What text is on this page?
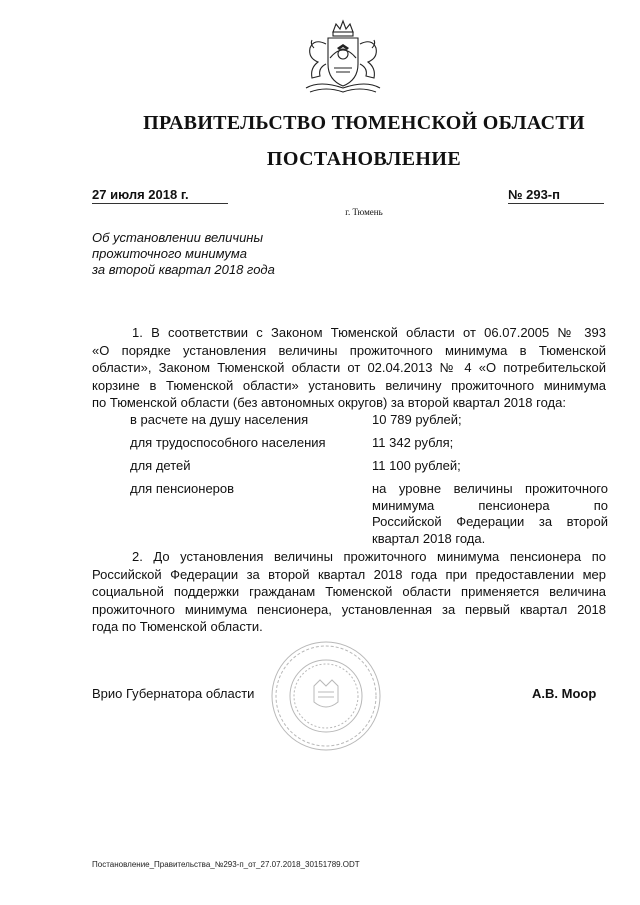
ПРАВИТЕЛЬСТВО ТЮМЕНСКОЙ ОБЛАСТИ
ПОСТАНОВЛЕНИЕ
27 июля 2018 г.	№ 293-п
г. Тюмень
Об установлении величины
прожиточного минимума
за второй квартал 2018 года
1. В соответствии с Законом Тюменской области от 06.07.2005 № 393
«О порядке установления величины прожиточного минимума в Тюменской
области», Законом Тюменской области от 02.04.2013 № 4 «О потребительской
корзине в Тюменской области» установить величину прожиточного минимума
по Тюменской области (без автономных округов) за второй квартал 2018 года:
в расчете на душу населения	10 789 рублей;
для трудоспособного населения	11 342 рубля;
для детей	11 100 рублей;
для пенсионеров	на уровне величины прожиточного
минимума пенсионера по
Российской Федерации за второй
квартал 2018 года.
2. До установления величины прожиточного минимума пенсионера по
Российской Федерации за второй квартал 2018 года при предоставлении мер
социальной поддержки гражданам Тюменской области применяется величина
прожиточного минимума пенсионера, установленная за первый квартал 2018
года по Тюменской области.
Врио Губернатора области	А.В. Моор
Постановление_Правительства_№293-п_от_27.07.2018_30151789.ODT
